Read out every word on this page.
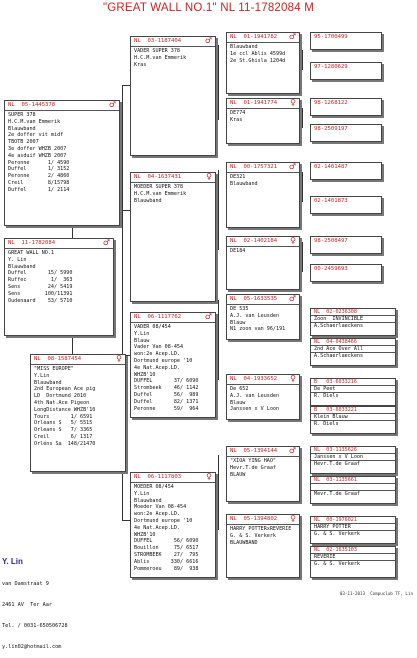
"GREAT WALL NO.1" NL 11-1782084 M
NL  11-1782084	♂
GREAT WALL NO.1
Y. Lin
Blauwband
Duffel       15/ 5990
Ruffec        1/  363
Sens         24/ 5419
Sens        100/11391
Oudenaard    53/ 5710
NL  05-1445378	♂
SUPER 378
H.C.M.van Emmerik
Blauwband
2e doffer vit midf
TBOTB 2007
3e doffer WHZB 2007
4e asduif WHZB 2007
Peronne      1/ 4590
Duffel       1/ 3152
Peronne      2/ 4860
Creil        8/15798
Duffel       1/ 2114
NL  08-1587454	♀
"MISS EUROPE"
Y.Lin
Blauwband
2nd European Ace pig
LD  Dortmund 2010
4th Nat.Ace Pigeon
LongDistance WHZB'10
Tours       1/ 6591
Orléans S   5/ 5515
Orleans S   7/ 3365
Creil       6/ 1317
Orléns Sa  148/21470
NL  03-1187404	♂
VADER SUPER 378
H.C.M.van Emmerik
Kras
NL  04-1637431	♀
MOEDER SUPER 378
H.C.M.van Emmerik
Blauwband
NL  06-1117762	♂
VADER 08/454
Y.Lin
Blauw
Vader Van 08-454
won:2e Acep.LD.
Dortmund europe '10
4e Nat.Acep.LD.
WHZB'10
DUFFEL       37/ 6090
Strombeek    46/ 1142
Duffel       56/  989
Duffel       82/ 1371
Peronne      59/  964
NL  06-1117803	♀
MOEDER 08/454
Y.Lin
Blauwband
Moeder Van 08-454
won:2e Acep.LD.
Dortmund europe '10
4e Nat.Acep.LD.
WHZB'10
DUFFEL       56/ 6090
Bouillon     75/ 6517
STROMBEEK    27/  795
Ablis       330/ 6616
Pommeroeu    89/  938
NL  01-1941782 ♂
Blauwband
1e ccl Ablis 4599d
2e St.Ghisla 1204d
NL  01-1941774 ♀
DE774
Kras
NL  00-1757321 ♂
DE321
Blauwband
NL  02-1402184 ♀
DE184
NL  05-1633535 ♂
DE 535
A.J. van Leusden
Blauw
N1 zoon van 96/191
NL  04-1933652 ♀
De 652
A.J. van Leusden
Blauw
Janssen x V Loon
NL  05-1394144 ♂
"XIOA YING HAO"
Hevr.T.de Graaf
BLAUW
NL  05-1394802 ♀
HARRY POTTERxREVERIE
G. & S. Verkerk
BLAUWBAND
95-1700499
97-1280629
98-1268122
98-2509197
02-1401487
02-1401873
98-2508497
00-2459693
NL  02-0236308
Zoon  INVINCIBLE
A.Schaerlaeckens
NL  04-0438466
2nd Ace Over All
A.Schaerlaeckens
B   03-6033216
De Peet
R. Diels
B   03-6033221
Klein Blauw
R. Diels
NL  03-1135626
Janssen x V Loon
Hevr.T.de Graaf
NL  03-1135661
Mevr.T.de Graaf
NL  00-1976021
HARRY POTTER
G. & S. Verkerk
NL  02-1635103
REVERIE
G. & S. Verkerk

Y. Lin

van Damstraat 9

2461 AV  Ter Aar

Tel. / 0031-650506728

y.lin02@hotmail.com

03-11-2013  Compuclub TF, Lin
